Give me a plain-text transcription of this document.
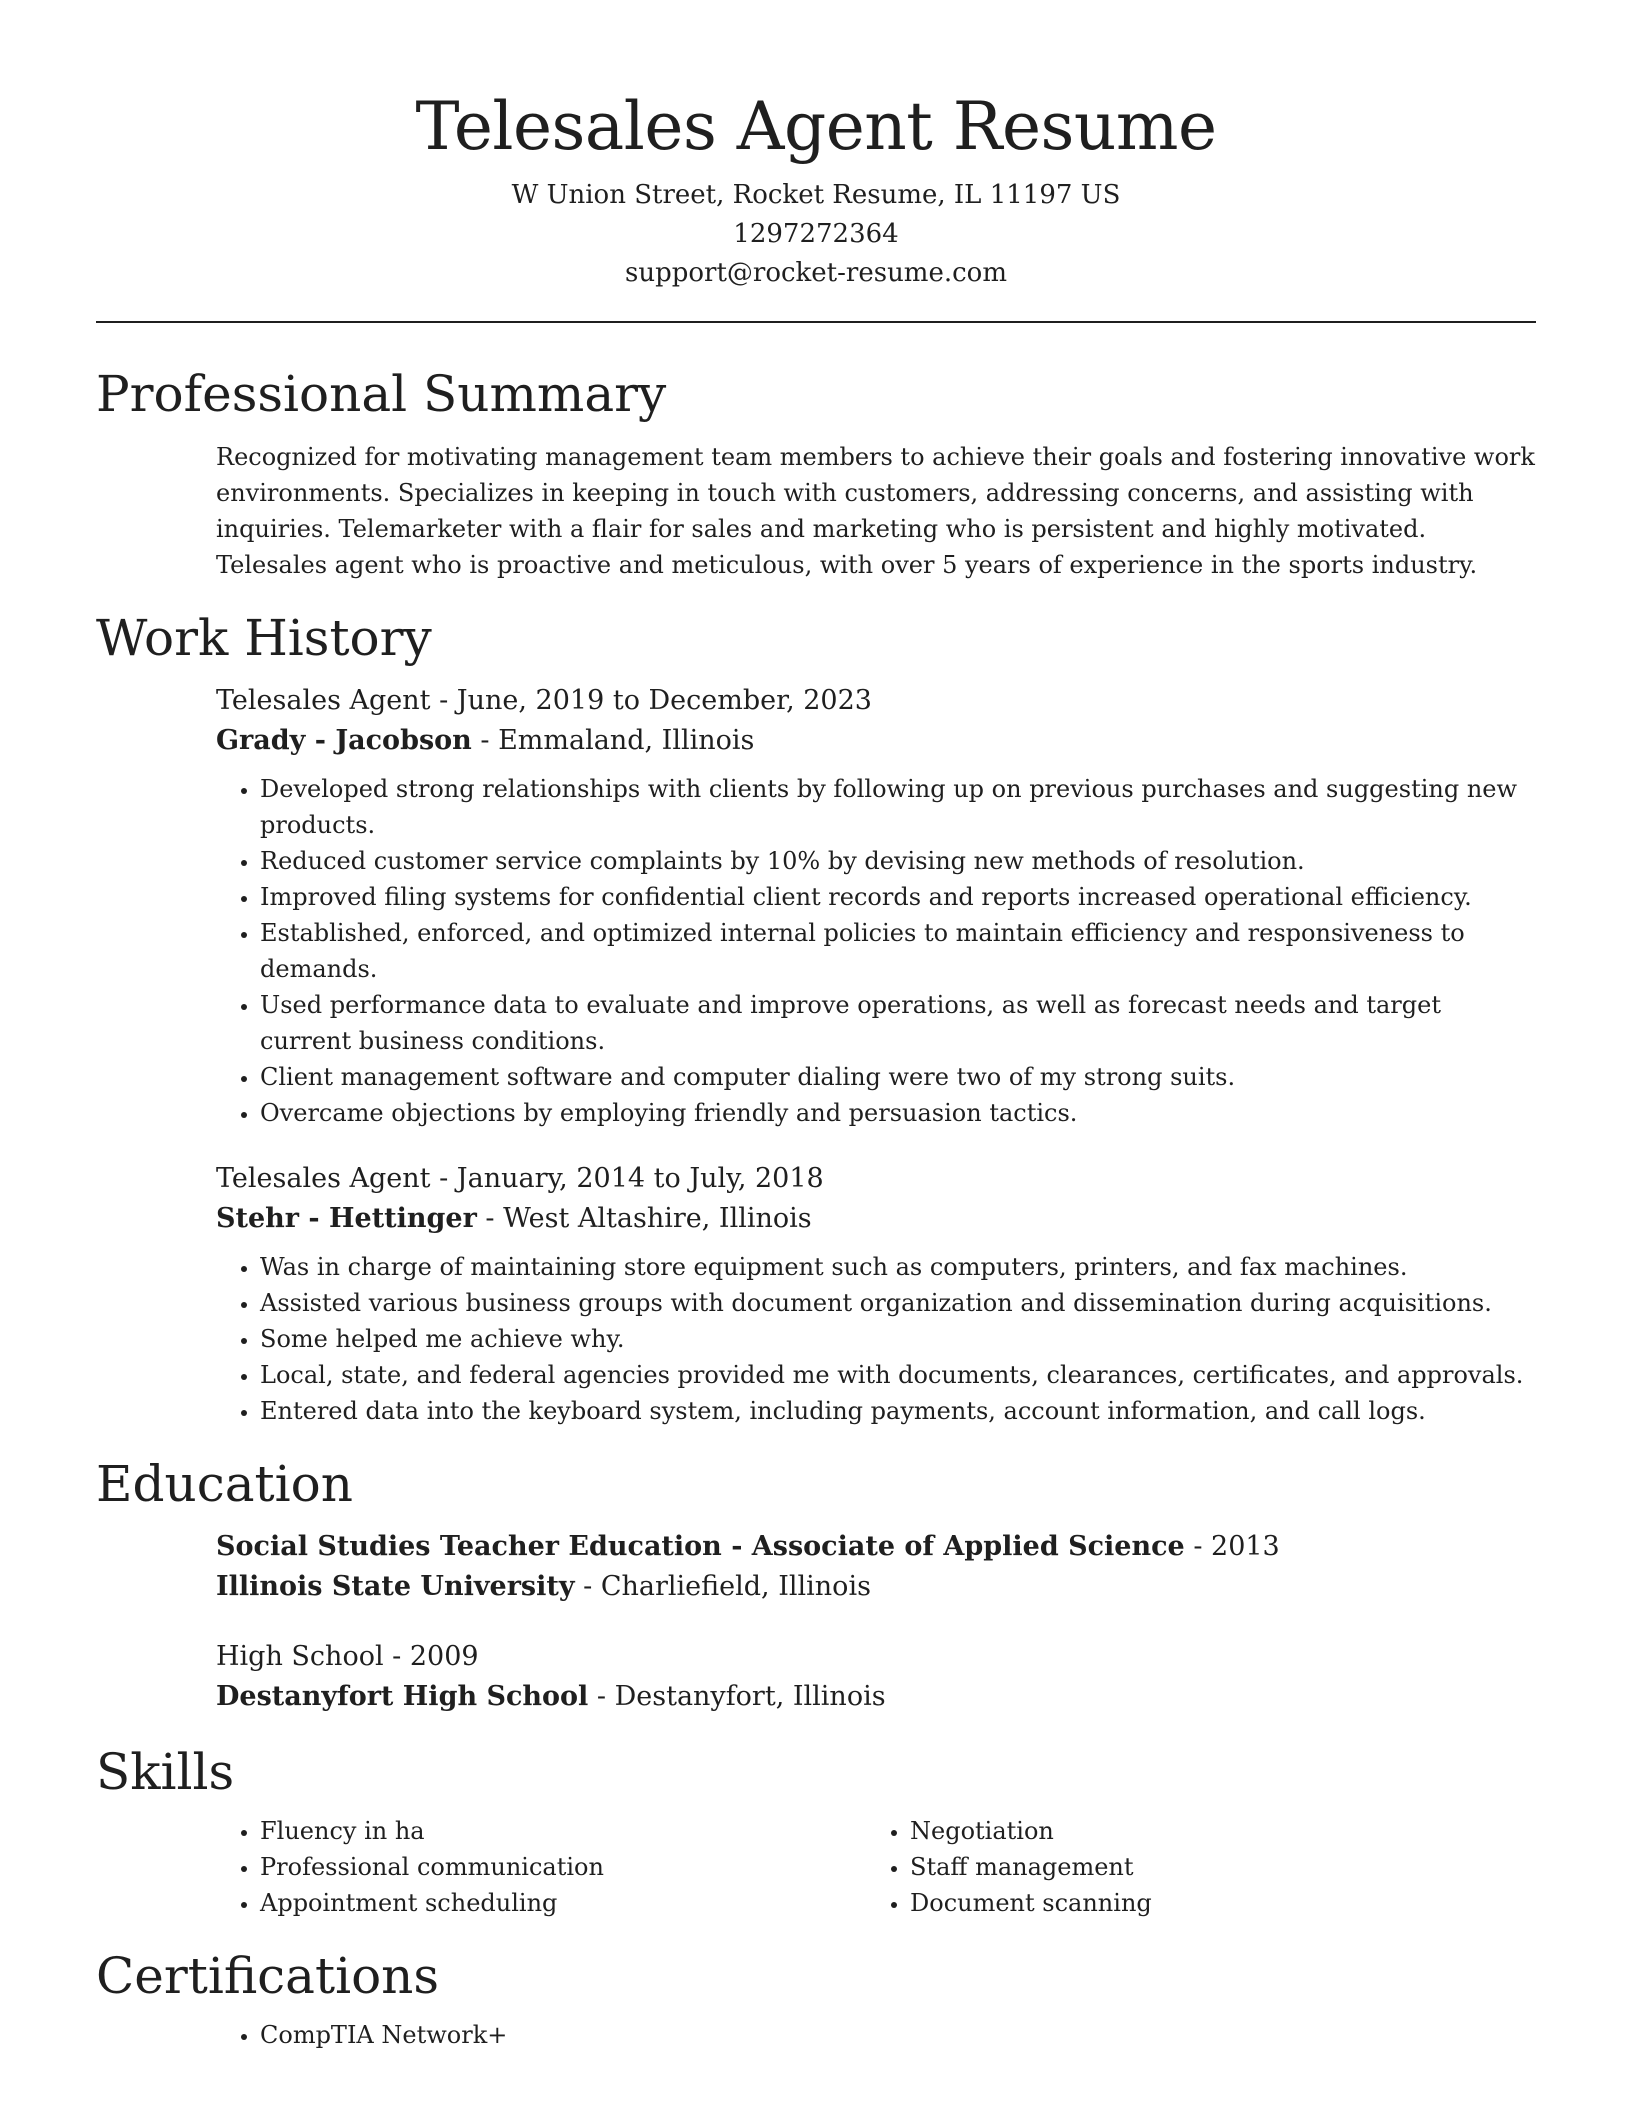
Telesales Agent Resume

W Union Street, Rocket Resume, IL 11197 US

1297272364

support@rocket-resume.com

Professional Summary

Recognized for motivating management team members to achieve their goals and fostering innovative work environments. Specializes in keeping in touch with customers, addressing concerns, and assisting with inquiries. Telemarketer with a flair for sales and marketing who is persistent and highly motivated. Telesales agent who is proactive and meticulous, with over 5 years of experience in the sports industry.

Work History

Telesales Agent - June, 2019 to December, 2023

Grady - Jacobson - Emmaland, Illinois

• Developed strong relationships with clients by following up on previous purchases and suggesting new products.
• Reduced customer service complaints by 10% by devising new methods of resolution.
• Improved filing systems for confidential client records and reports increased operational efficiency.
• Established, enforced, and optimized internal policies to maintain efficiency and responsiveness to demands.
• Used performance data to evaluate and improve operations, as well as forecast needs and target current business conditions.
• Client management software and computer dialing were two of my strong suits.
• Overcame objections by employing friendly and persuasion tactics.

Telesales Agent - January, 2014 to July, 2018

Stehr - Hettinger - West Altashire, Illinois

• Was in charge of maintaining store equipment such as computers, printers, and fax machines.
• Assisted various business groups with document organization and dissemination during acquisitions.
• Some helped me achieve why.
• Local, state, and federal agencies provided me with documents, clearances, certificates, and approvals.
• Entered data into the keyboard system, including payments, account information, and call logs.
Education

Social Studies Teacher Education - Associate of Applied Science - 2013

Illinois State University - Charliefield, Illinois

High School - 2009

Destanyfort High School - Destanyfort, Illinois

Skills
• Fluency in ha
• Professional communication
• Appointment scheduling
• Negotiation
• Staff management
• Document scanning
Certifications
• CompTIA Network+
